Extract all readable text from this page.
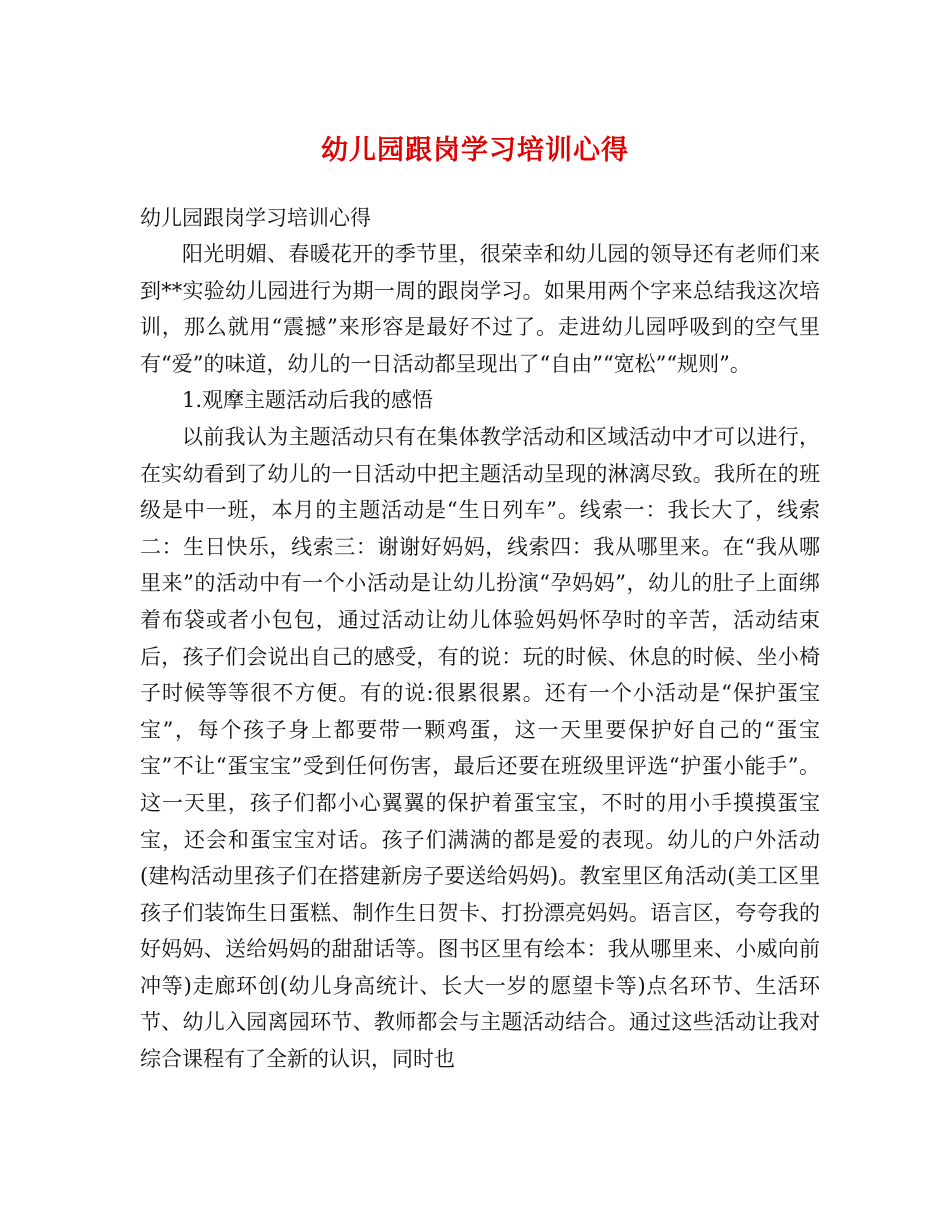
幼儿园跟岗学习培训心得

幼儿园跟岗学习培训心得

阳光明媚、春暖花开的季节里，很荣幸和幼儿园的领导还有老师们来到**实验幼儿园进行为期一周的跟岗学习。如果用两个字来总结我这次培训，那么就用“震撼”来形容是最好不过了。走进幼儿园呼吸到的空气里有“爱”的味道，幼儿的一日活动都呈现出了“自由”“宽松”“规则”。

1.观摩主题活动后我的感悟

以前我认为主题活动只有在集体教学活动和区域活动中才可以进行，在实幼看到了幼儿的一日活动中把主题活动呈现的淋漓尽致。我所在的班级是中一班，本月的主题活动是“生日列车”。线索一：我长大了，线索二：生日快乐，线索三：谢谢好妈妈，线索四：我从哪里来。在“我从哪里来”的活动中有一个小活动是让幼儿扮演“孕妈妈”，幼儿的肚子上面绑着布袋或者小包包，通过活动让幼儿体验妈妈怀孕时的辛苦，活动结束后，孩子们会说出自己的感受，有的说：玩的时候、休息的时候、坐小椅子时候等等很不方便。有的说:很累很累。还有一个小活动是“保护蛋宝宝”，每个孩子身上都要带一颗鸡蛋，这一天里要保护好自己的“蛋宝宝”不让“蛋宝宝”受到任何伤害，最后还要在班级里评选“护蛋小能手”。这一天里，孩子们都小心翼翼的保护着蛋宝宝，不时的用小手摸摸蛋宝宝，还会和蛋宝宝对话。孩子们满满的都是爱的表现。幼儿的户外活动(建构活动里孩子们在搭建新房子要送给妈妈)。教室里区角活动(美工区里孩子们装饰生日蛋糕、制作生日贺卡、打扮漂亮妈妈。语言区，夸夸我的好妈妈、送给妈妈的甜甜话等。图书区里有绘本：我从哪里来、小威向前冲等)走廊环创(幼儿身高统计、长大一岁的愿望卡等)点名环节、生活环节、幼儿入园离园环节、教师都会与主题活动结合。通过这些活动让我对综合课程有了全新的认识，同时也
